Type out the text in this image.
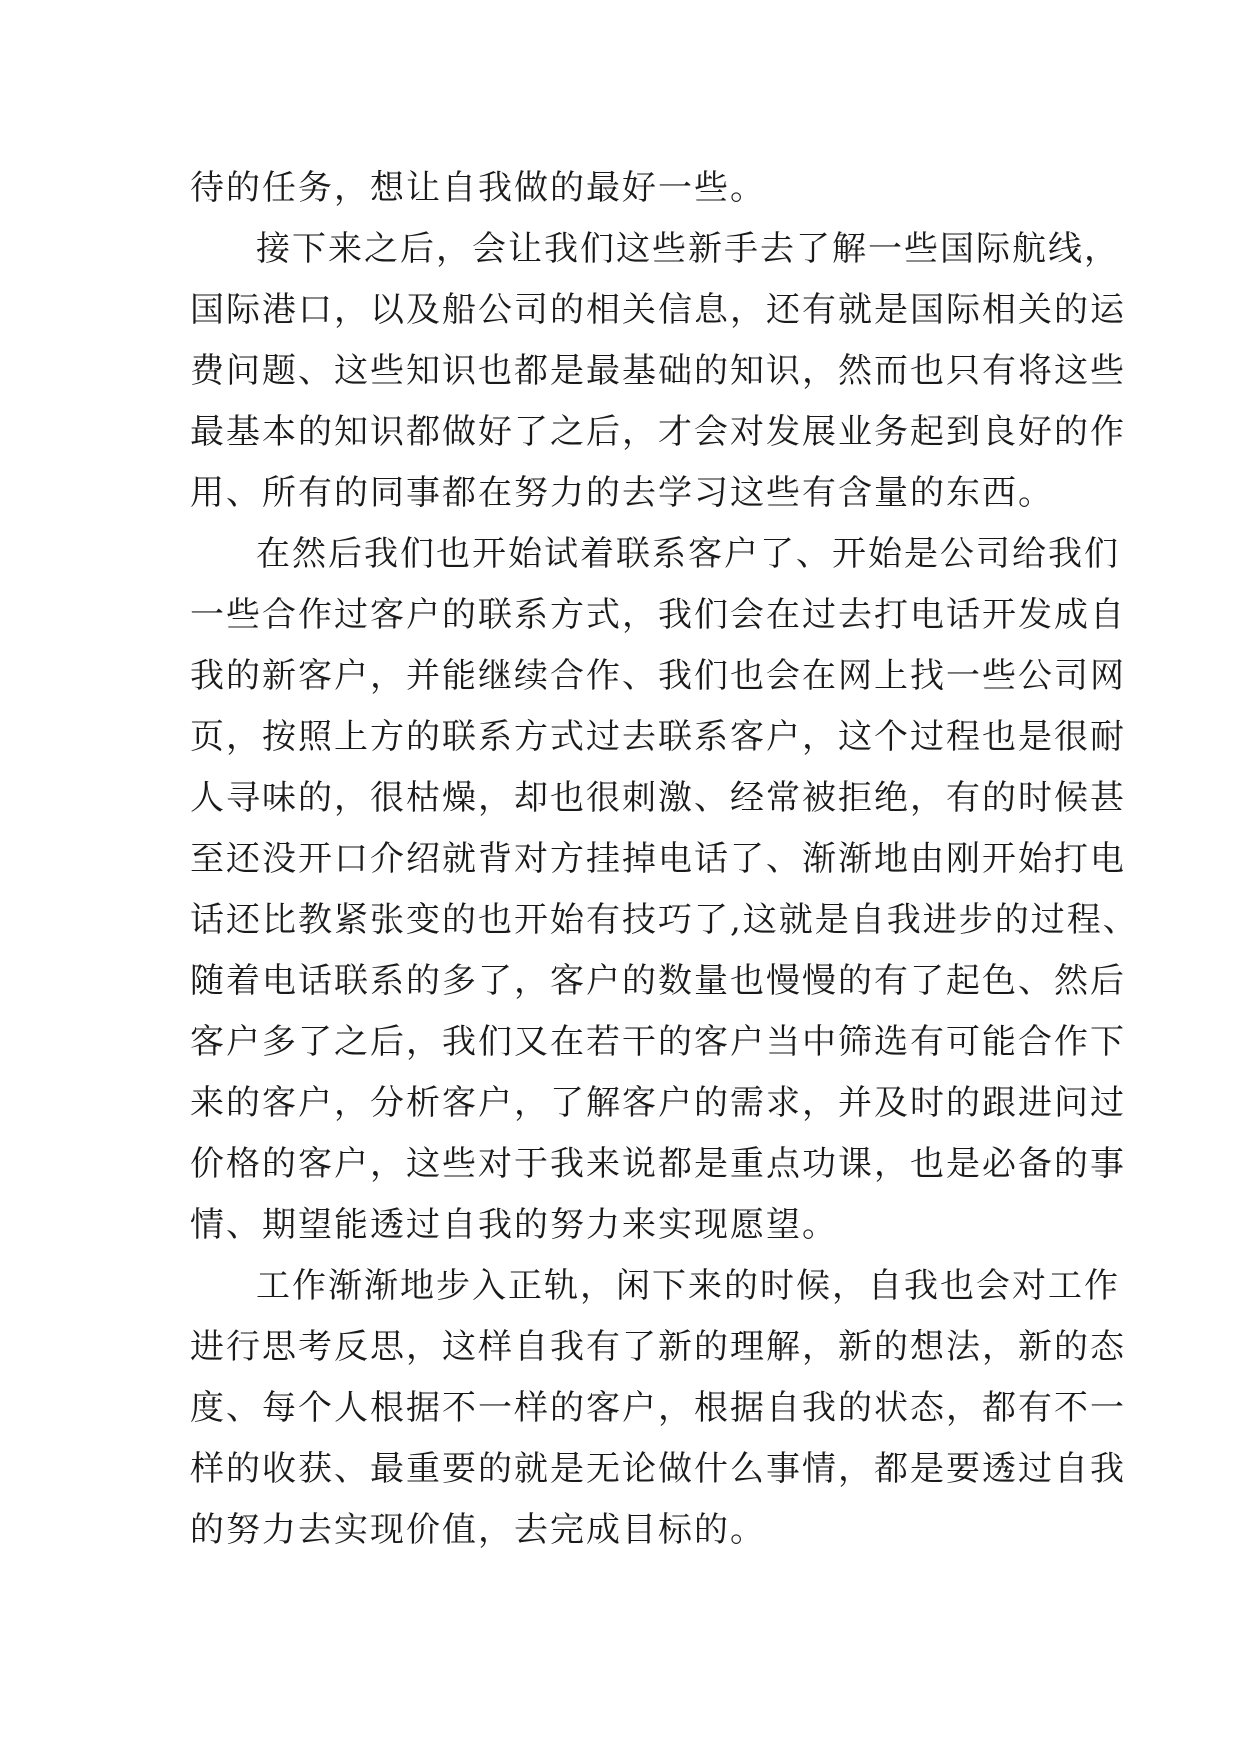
待的任务，想让自我做的最好一些。
接下来之后，会让我们这些新手去了解一些国际航线，
国际港口，以及船公司的相关信息，还有就是国际相关的运
费问题、这些知识也都是最基础的知识，然而也只有将这些
最基本的知识都做好了之后，才会对发展业务起到良好的作
用、所有的同事都在努力的去学习这些有含量的东西。
在然后我们也开始试着联系客户了、开始是公司给我们
一些合作过客户的联系方式，我们会在过去打电话开发成自
我的新客户，并能继续合作、我们也会在网上找一些公司网
页，按照上方的联系方式过去联系客户，这个过程也是很耐
人寻味的，很枯燥，却也很刺激、经常被拒绝，有的时候甚
至还没开口介绍就背对方挂掉电话了、渐渐地由刚开始打电
话还比教紧张变的也开始有技巧了,这就是自我进步的过程、
随着电话联系的多了，客户的数量也慢慢的有了起色、然后
客户多了之后，我们又在若干的客户当中筛选有可能合作下
来的客户，分析客户，了解客户的需求，并及时的跟进问过
价格的客户，这些对于我来说都是重点功课，也是必备的事
情、期望能透过自我的努力来实现愿望。
工作渐渐地步入正轨，闲下来的时候，自我也会对工作
进行思考反思，这样自我有了新的理解，新的想法，新的态
度、每个人根据不一样的客户，根据自我的状态，都有不一
样的收获、最重要的就是无论做什么事情，都是要透过自我
的努力去实现价值，去完成目标的。
